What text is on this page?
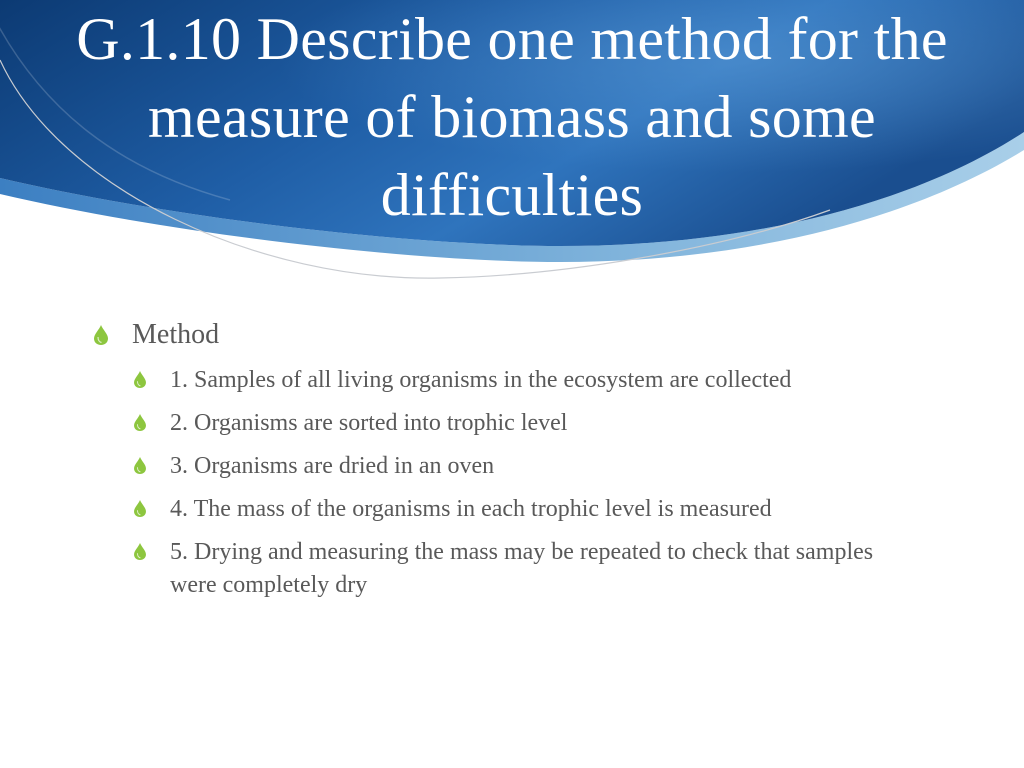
G.1.10 Describe one method for the measure of biomass and some difficulties
Method
1. Samples of all living organisms in the ecosystem are collected
2. Organisms are sorted into trophic level
3. Organisms are dried in an oven
4. The mass of the organisms in each trophic level is measured
5. Drying and measuring the mass may be repeated to check that samples were completely dry
